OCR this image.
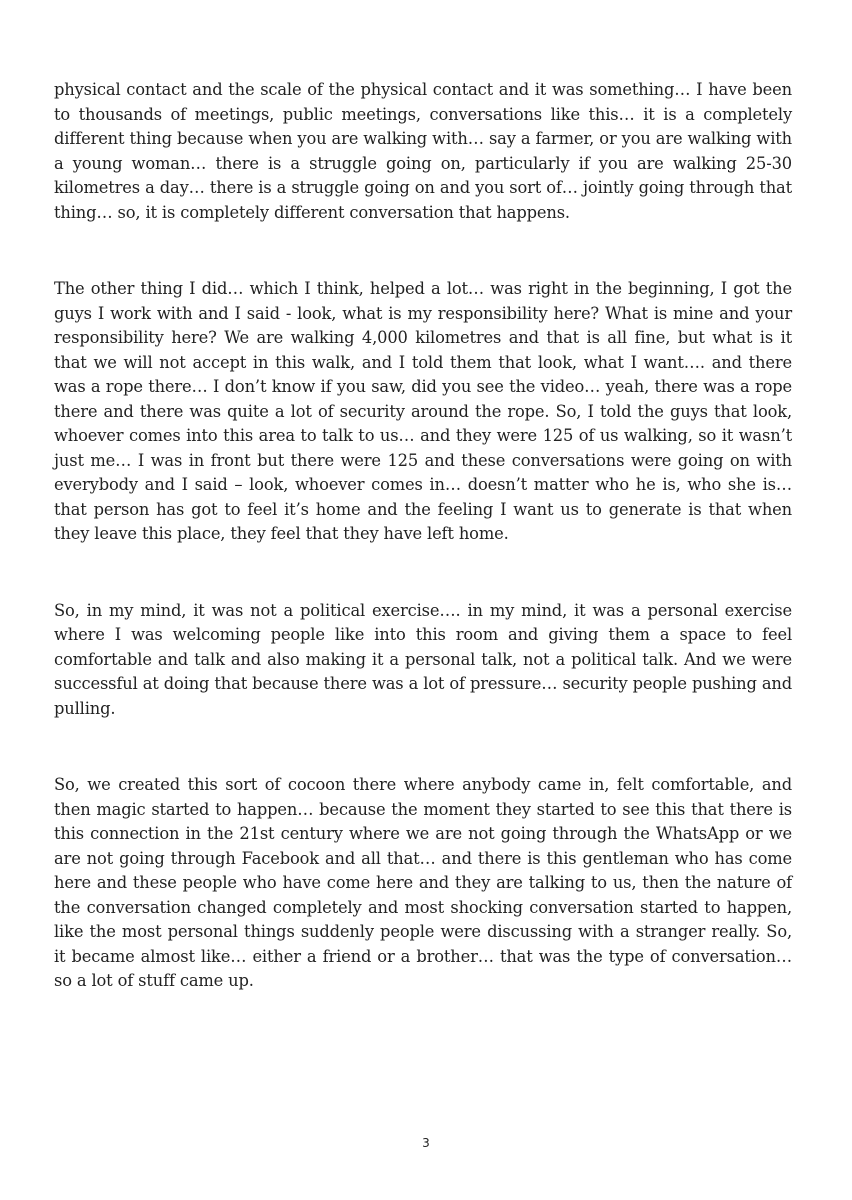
physical contact and the scale of the physical contact and it was something… I have been to thousands of meetings, public meetings, conversations like this… it is a completely different thing because when you are walking with… say a farmer, or you are walking with a young woman… there is a struggle going on, particularly if you are walking 25-30 kilometres a day… there is a struggle going on and you sort of… jointly going through that thing… so, it is completely different conversation that happens.

The other thing I did… which I think, helped a lot… was right in the beginning, I got the guys I work with and I said - look, what is my responsibility here? What is mine and your responsibility here? We are walking 4,000 kilometres and that is all fine, but what is it that we will not accept in this walk, and I told them that look, what I want…. and there was a rope there… I don’t know if you saw, did you see the video… yeah, there was a rope there and there was quite a lot of security around the rope. So, I told the guys that look, whoever comes into this area to talk to us… and they were 125 of us walking, so it wasn’t just me… I was in front but there were 125 and these conversations were going on with everybody and I said – look, whoever comes in… doesn’t matter who he is, who she is… that person has got to feel it’s home and the feeling I want us to generate is that when they leave this place, they feel that they have left home.

So, in my mind, it was not a political exercise…. in my mind, it was a personal exercise where I was welcoming people like into this room and giving them a space to feel comfortable and talk and also making it a personal talk, not a political talk. And we were successful at doing that because there was a lot of pressure… security people pushing and pulling.

So, we created this sort of cocoon there where anybody came in, felt comfortable, and then magic started to happen… because the moment they started to see this that there is this connection in the 21st century where we are not going through the WhatsApp or we are not going through Facebook and all that… and there is this gentleman who has come here and these people who have come here and they are talking to us, then the nature of the conversation changed completely and most shocking conversation started to happen, like the most personal things suddenly people were discussing with a stranger really. So, it became almost like… either a friend or a brother… that was the type of conversation… so a lot of stuff came up.

3
